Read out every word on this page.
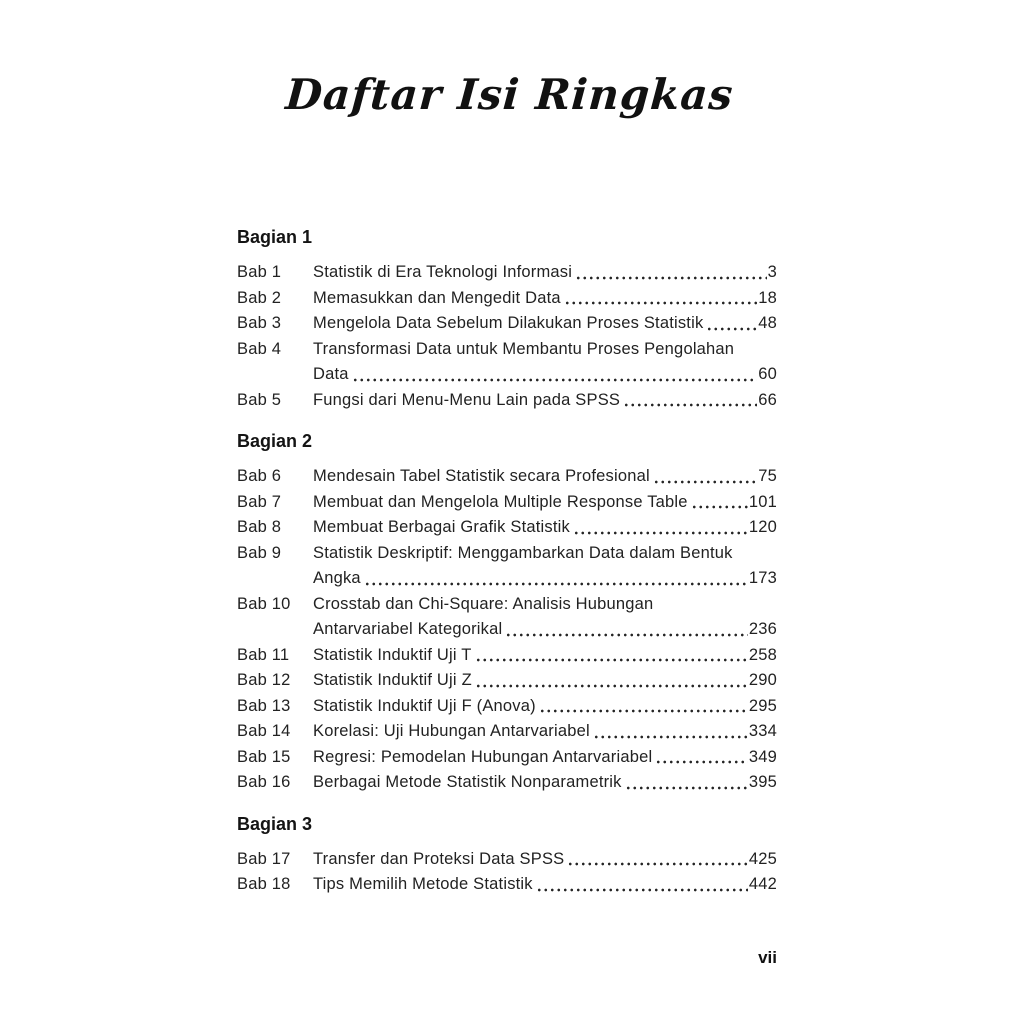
Daftar Isi Ringkas
Bagian 1
Bab 1	Statistik di Era Teknologi Informasi	3
Bab 2	Memasukkan dan Mengedit Data	18
Bab 3	Mengelola Data Sebelum Dilakukan Proses Statistik	48
Bab 4	Transformasi Data untuk Membantu Proses Pengolahan
Data	60
Bab 5	Fungsi dari Menu-Menu Lain pada SPSS	66
Bagian 2
Bab 6	Mendesain Tabel Statistik secara Profesional	75
Bab 7	Membuat dan Mengelola Multiple Response Table	101
Bab 8	Membuat Berbagai Grafik Statistik	120
Bab 9	Statistik Deskriptif: Menggambarkan Data dalam Bentuk
Angka	173
Bab 10	Crosstab dan Chi-Square: Analisis Hubungan
Antarvariabel Kategorikal	236
Bab 11	Statistik Induktif Uji T	258
Bab 12	Statistik Induktif Uji Z	290
Bab 13	Statistik Induktif Uji F (Anova)	295
Bab 14	Korelasi: Uji Hubungan Antarvariabel	334
Bab 15	Regresi: Pemodelan Hubungan Antarvariabel	349
Bab 16	Berbagai Metode Statistik Nonparametrik	395
Bagian 3
Bab 17	Transfer dan Proteksi Data SPSS	425
Bab 18	Tips Memilih Metode Statistik	442
vii
